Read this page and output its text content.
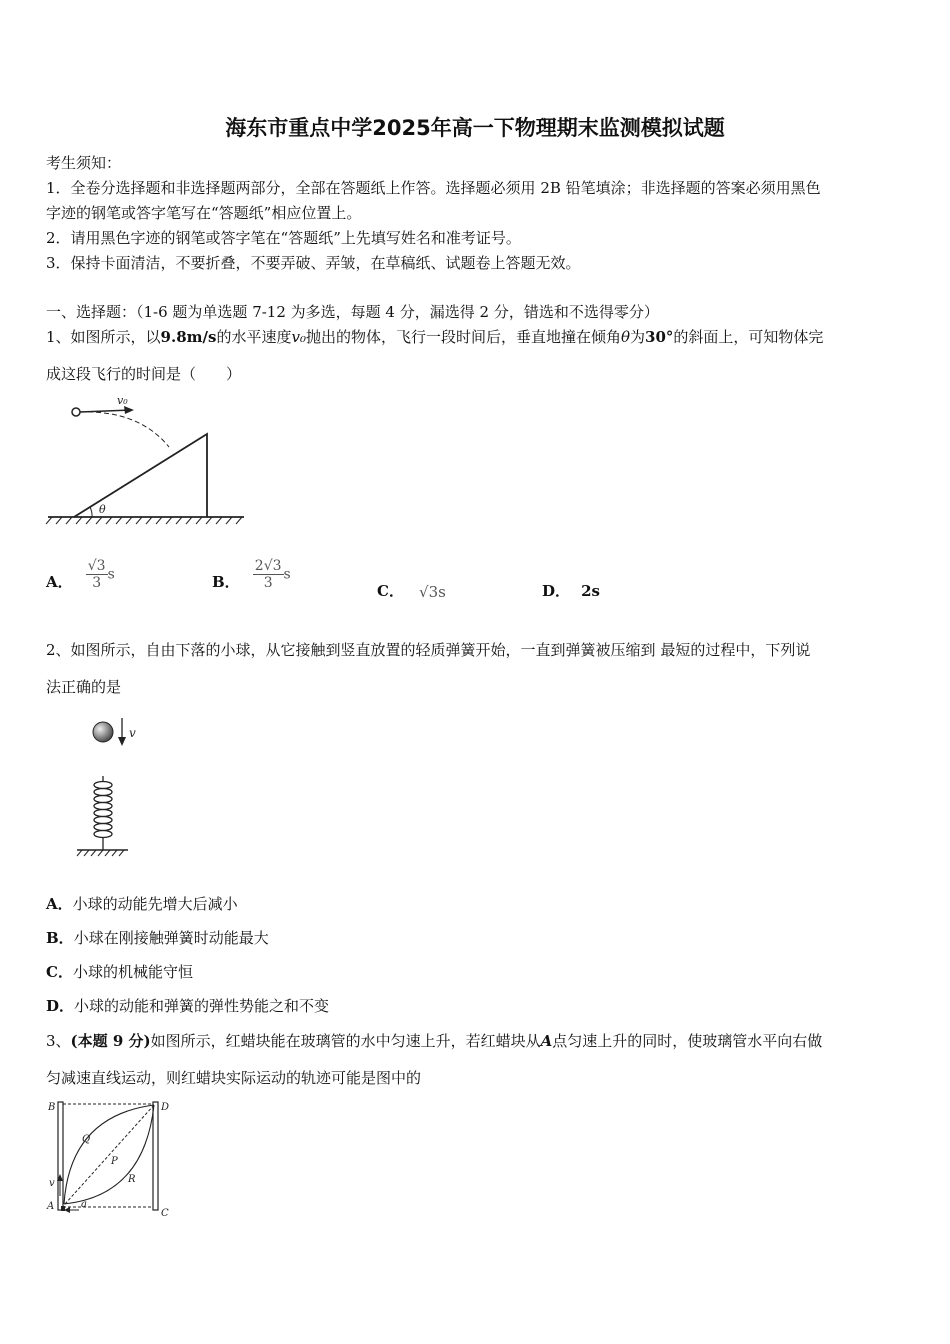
海东市重点中学2025年高一下物理期末监测模拟试题
考生须知：
1．全卷分选择题和非选择题两部分，全部在答题纸上作答。选择题必须用 2B 铅笔填涂；非选择题的答案必须用黑色
字迹的钢笔或答字笔写在“答题纸”相应位置上。
2．请用黑色字迹的钢笔或答字笔在“答题纸”上先填写姓名和准考证号。
3．保持卡面清洁，不要折叠，不要弄破、弄皱，在草稿纸、试题卷上答题无效。
一、选择题：（1-6 题为单选题 7-12 为多选，每题 4 分，漏选得 2 分，错选和不选得零分）
1、如图所示，以9.8m/s的水平速度v₀抛出的物体，飞行一段时间后，垂直地撞在倾角θ为30°的斜面上，可知物体完
成这段飞行的时间是（　　）
v₀
θ
A． $\frac{√3}{3}$ s	B． $\frac{2√3}{3}$ s
C． √3s	D． 2s
2、如图所示，自由下落的小球，从它接触到竖直放置的轻质弹簧开始，一直到弹簧被压缩到 最短的过程中，下列说
法正确的是
v
A．小球的动能先增大后减小
B．小球在刚接触弹簧时动能最大
C．小球的机械能守恒
D．小球的动能和弹簧的弹性势能之和不变
3、(本题 9 分)如图所示，红蜡块能在玻璃管的水中匀速上升，若红蜡块从A点匀速上升的同时，使玻璃管水平向右做
匀减速直线运动，则红蜡块实际运动的轨迹可能是图中的
B	D
Q
P
R
v
A	a
C
